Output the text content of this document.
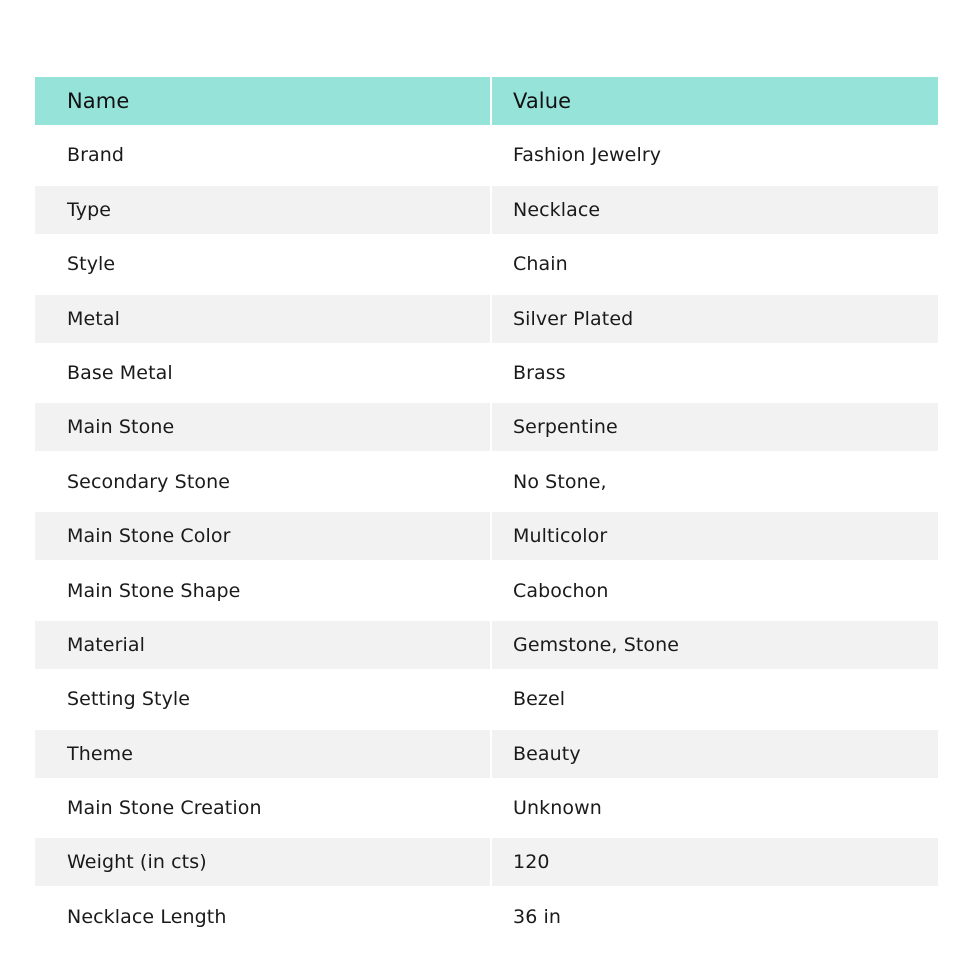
Name	Value
Brand	Fashion Jewelry
Type	Necklace
Style	Chain
Metal	Silver Plated
Base Metal	Brass
Main Stone	Serpentine
Secondary Stone	No Stone,
Main Stone Color	Multicolor
Main Stone Shape	Cabochon
Material	Gemstone, Stone
Setting Style	Bezel
Theme	Beauty
Main Stone Creation	Unknown
Weight (in cts)	120
Necklace Length	36 in
